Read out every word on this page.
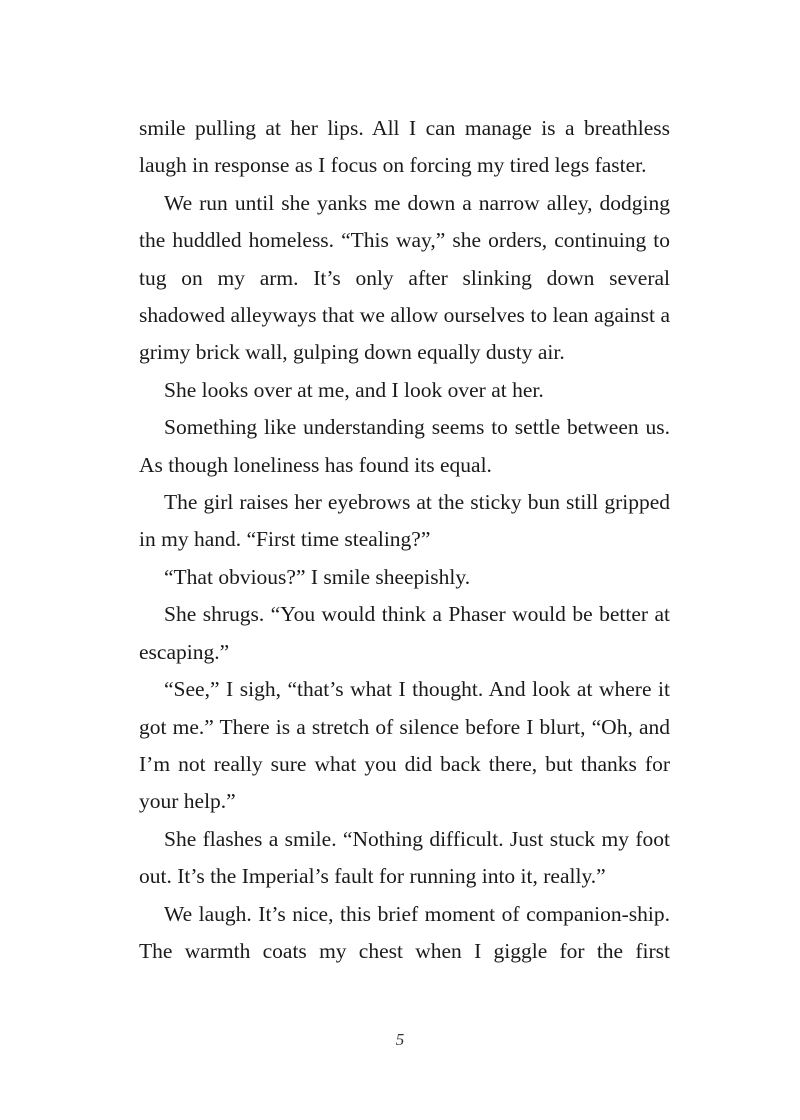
smile pulling at her lips. All I can manage is a breathless laugh in response as I focus on forcing my tired legs faster.

We run until she yanks me down a narrow alley, dodging the huddled homeless. “This way,” she orders, continuing to tug on my arm. It’s only after slinking down several shadowed alleyways that we allow ourselves to lean against a grimy brick wall, gulping down equally dusty air.

She looks over at me, and I look over at her.

Something like understanding seems to settle between us. As though loneliness has found its equal.

The girl raises her eyebrows at the sticky bun still gripped in my hand. “First time stealing?”

“That obvious?” I smile sheepishly.

She shrugs. “You would think a Phaser would be better at escaping.”

“See,” I sigh, “that’s what I thought. And look at where it got me.” There is a stretch of silence before I blurt, “Oh, and I’m not really sure what you did back there, but thanks for your help.”

She flashes a smile. “Nothing difficult. Just stuck my foot out. It’s the Imperial’s fault for running into it, really.”

We laugh. It’s nice, this brief moment of companion-ship. The warmth coats my chest when I giggle for the first

5
